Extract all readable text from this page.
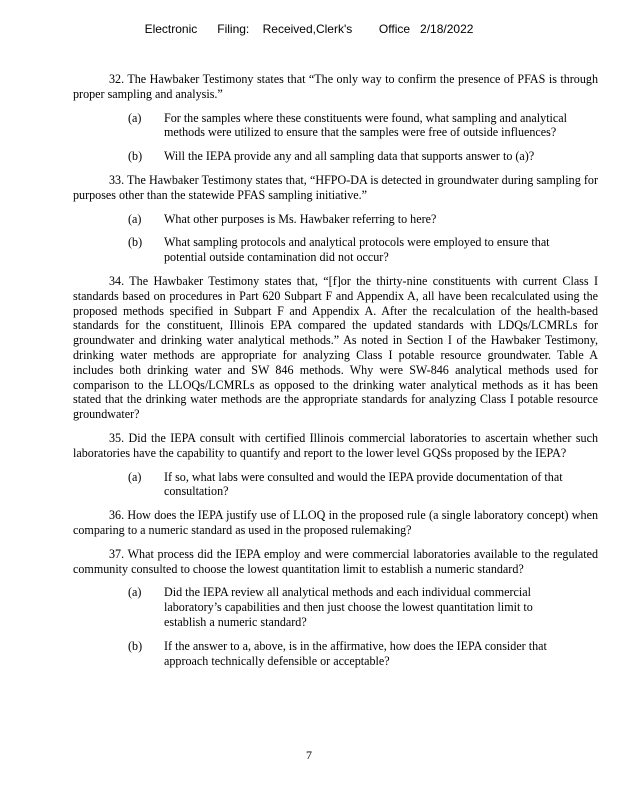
Electronic      Filing:    Received,Clerk's        Office   2/18/2022

32. The Hawbaker Testimony states that “The only way to confirm the presence of PFAS is through proper sampling and analysis.”

(a) For the samples where these constituents were found, what sampling and analytical methods were utilized to ensure that the samples were free of outside influences?
(b) Will the IEPA provide any and all sampling data that supports answer to (a)?

33. The Hawbaker Testimony states that, “HFPO-DA is detected in groundwater during sampling for purposes other than the statewide PFAS sampling initiative.”

(a) What other purposes is Ms. Hawbaker referring to here?
(b) What sampling protocols and analytical protocols were employed to ensure that potential outside contamination did not occur?

34. The Hawbaker Testimony states that, “[f]or the thirty-nine constituents with current Class I standards based on procedures in Part 620 Subpart F and Appendix A, all have been recalculated using the proposed methods specified in Subpart F and Appendix A. After the recalculation of the health-based standards for the constituent, Illinois EPA compared the updated standards with LDQs/LCMRLs for groundwater and drinking water analytical methods.” As noted in Section I of the Hawbaker Testimony, drinking water methods are appropriate for analyzing Class I potable resource groundwater. Table A includes both drinking water and SW 846 methods. Why were SW-846 analytical methods used for comparison to the LLOQs/LCMRLs as opposed to the drinking water analytical methods as it has been stated that the drinking water methods are the appropriate standards for analyzing Class I potable resource groundwater?

35. Did the IEPA consult with certified Illinois commercial laboratories to ascertain whether such laboratories have the capability to quantify and report to the lower level GQSs proposed by the IEPA?

(a) If so, what labs were consulted and would the IEPA provide documentation of that consultation?

36. How does the IEPA justify use of LLOQ in the proposed rule (a single laboratory concept) when comparing to a numeric standard as used in the proposed rulemaking?

37. What process did the IEPA employ and were commercial laboratories available to the regulated community consulted to choose the lowest quantitation limit to establish a numeric standard?

(a) Did the IEPA review all analytical methods and each individual commercial laboratory’s capabilities and then just choose the lowest quantitation limit to establish a numeric standard?
(b) If the answer to a, above, is in the affirmative, how does the IEPA consider that approach technically defensible or acceptable?
7
